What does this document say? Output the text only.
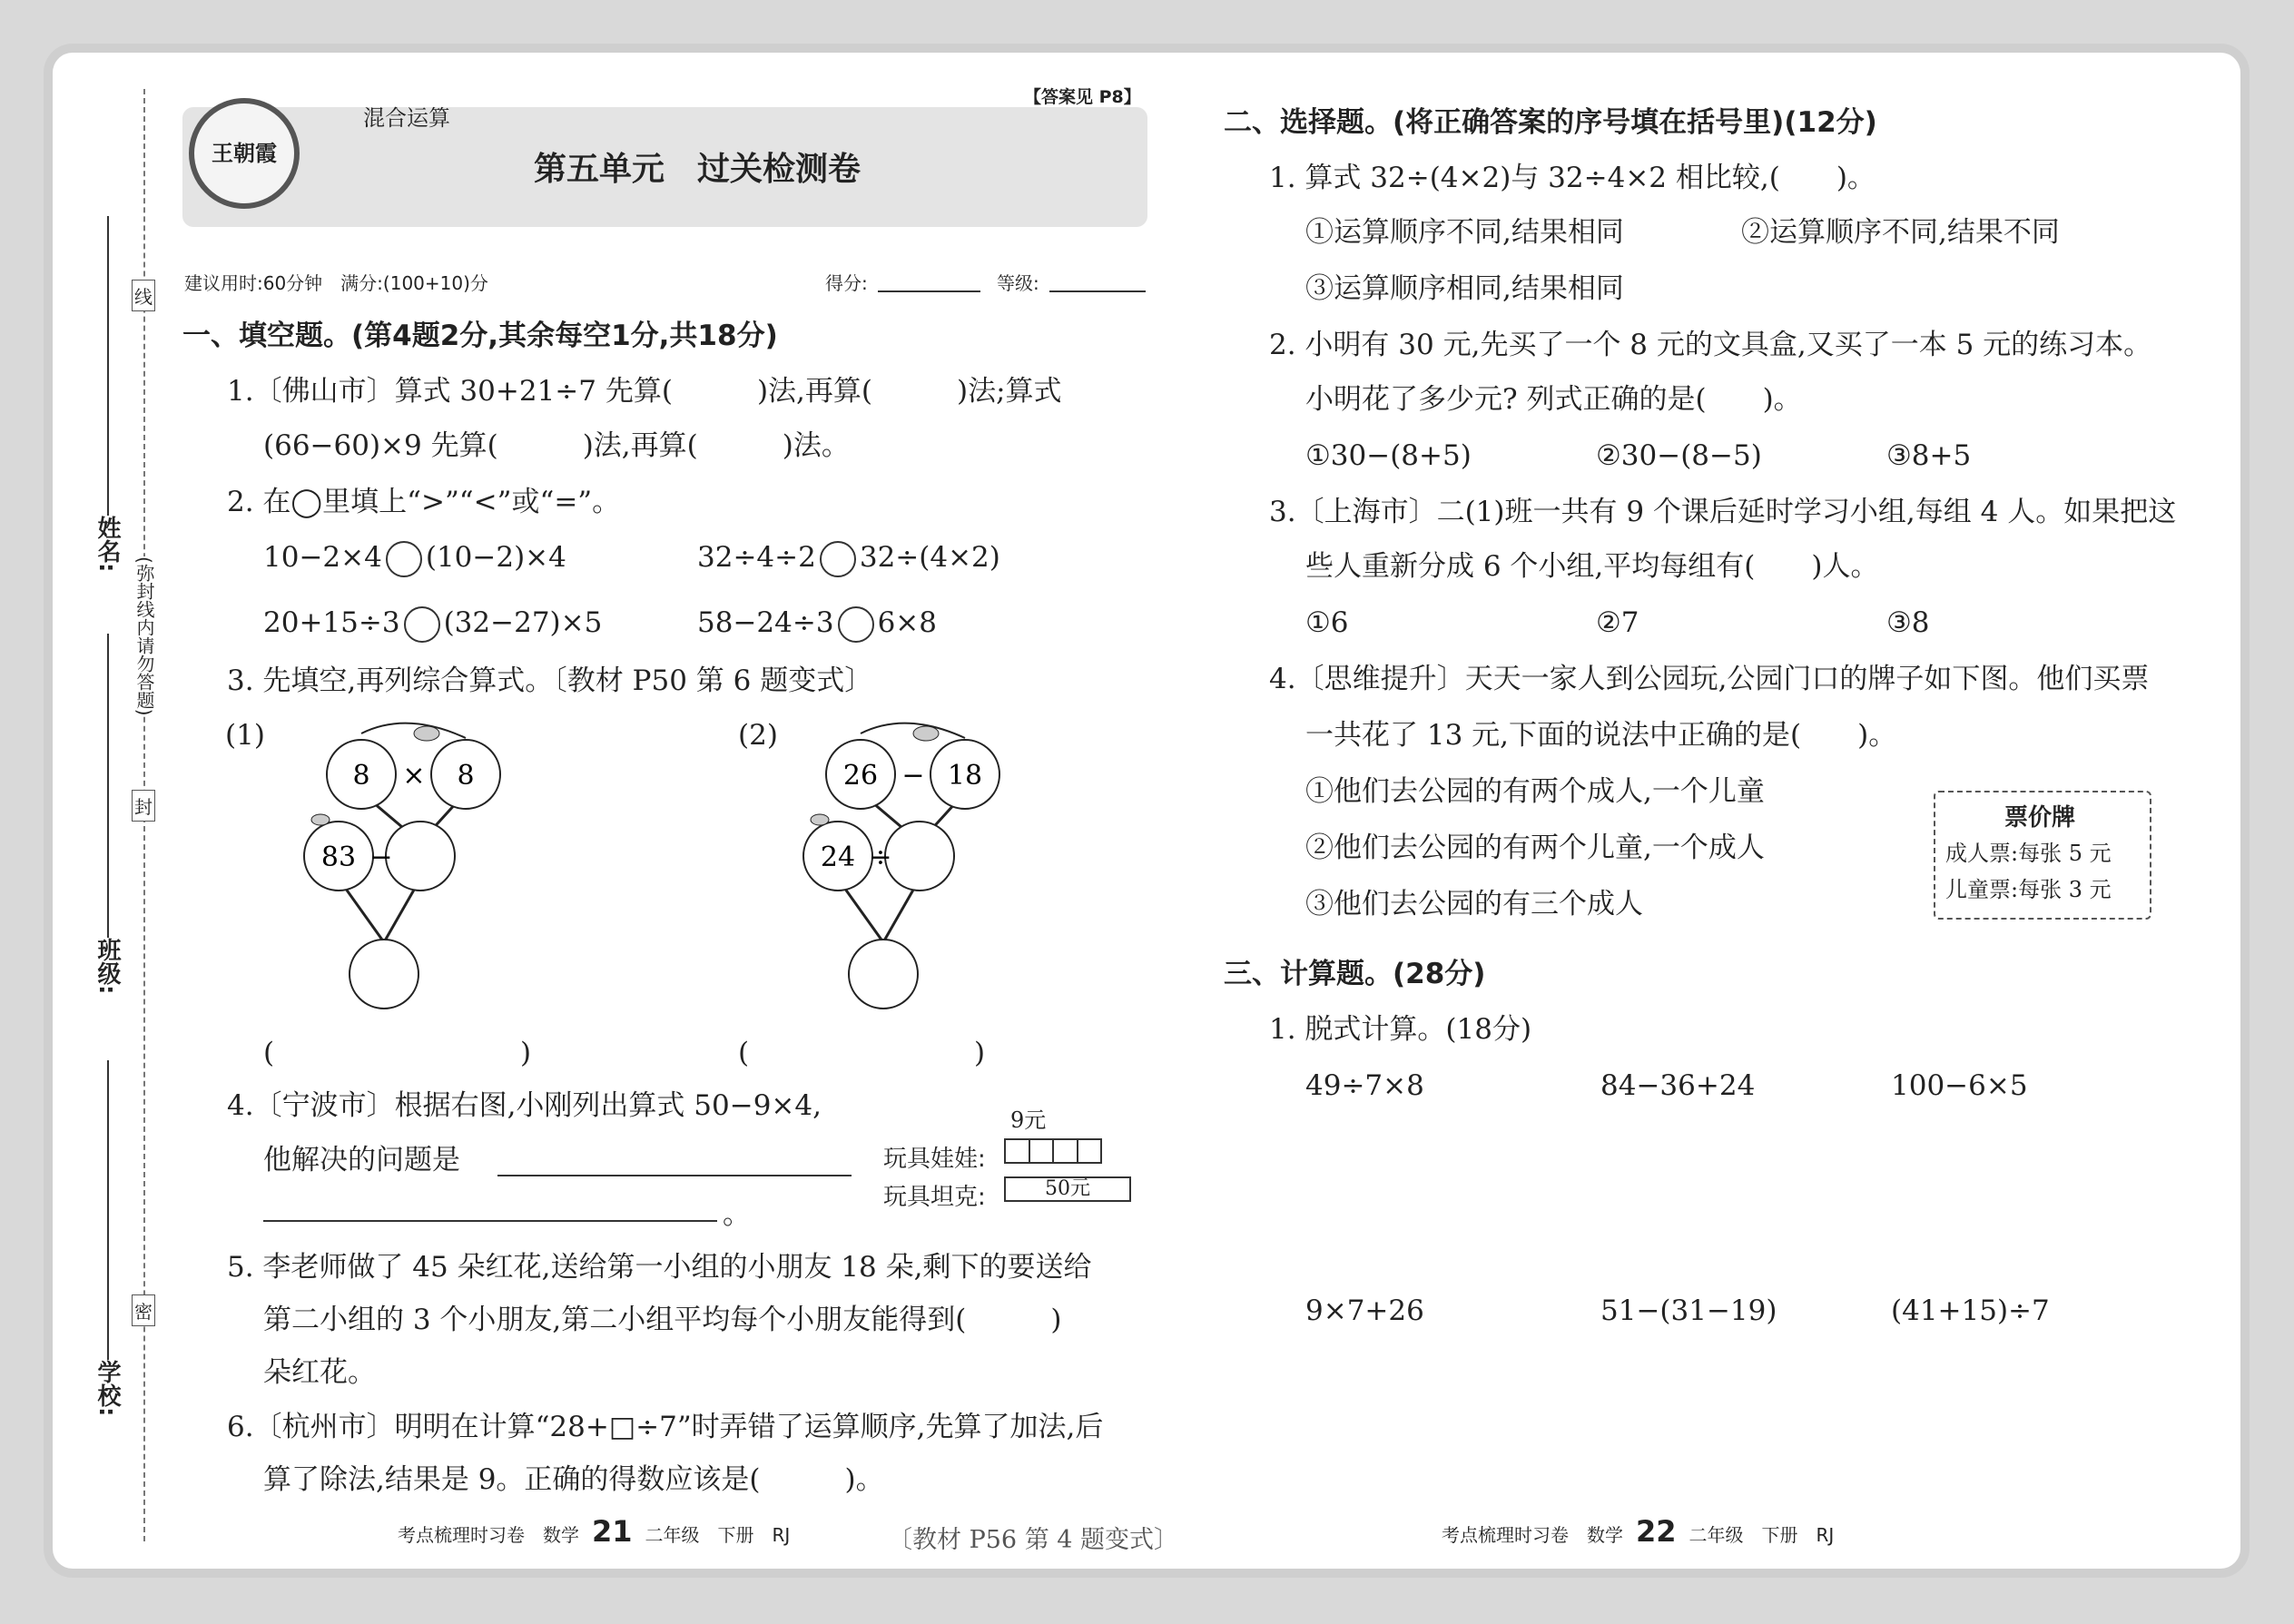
线
封
密
(弥封线内请勿答题)
姓名:
班级:
学校:
王朝霞
混合运算
【答案见 P8】
第五单元　过关检测卷
建议用时:60分钟　满分:(100+10)分	得分:	等级:
一、填空题。(第4题2分,其余每空1分,共18分)
1.〔佛山市〕算式 30+21÷7 先算(　　　)法,再算(　　　)法;算式
(66−60)×9 先算(　　　)法,再算(　　　)法。
2. 在◯里填上“>”“<”或“=”。
10−2×4 (10−2)×4	32÷4÷2 32÷(4×2)
20+15÷3 (32−27)×5	58−24÷3 6×8
3. 先填空,再列综合算式。〔教材 P50 第 6 题变式〕
(1)	(2)
8 × 8
83 −
26 − 18
24 ÷
(	)	(	)
4.〔宁波市〕根据右图,小刚列出算式 50−9×4,
他解决的问题是
。
9元
玩具娃娃:
玩具坦克:	50元
5. 李老师做了 45 朵红花,送给第一小组的小朋友 18 朵,剩下的要送给
第二小组的 3 个小朋友,第二小组平均每个小朋友能得到(　　　)
朵红花。
6.〔杭州市〕明明在计算“28+□÷7”时弄错了运算顺序,先算了加法,后
算了除法,结果是 9。正确的得数应该是(　　　)。
〔教材 P56 第 4 题变式〕
二、选择题。(将正确答案的序号填在括号里)(12分)
1. 算式 32÷(4×2)与 32÷4×2 相比较,(　　)。
①运算顺序不同,结果相同	②运算顺序不同,结果不同
③运算顺序相同,结果相同
2. 小明有 30 元,先买了一个 8 元的文具盒,又买了一本 5 元的练习本。
小明花了多少元? 列式正确的是(　　)。
①30−(8+5)	②30−(8−5)	③8+5
3.〔上海市〕二(1)班一共有 9 个课后延时学习小组,每组 4 人。如果把这
些人重新分成 6 个小组,平均每组有(　　)人。
①6	②7	③8
4.〔思维提升〕天天一家人到公园玩,公园门口的牌子如下图。他们买票
一共花了 13 元,下面的说法中正确的是(　　)。
①他们去公园的有两个成人,一个儿童
②他们去公园的有两个儿童,一个成人
③他们去公园的有三个成人
票价牌
成人票:每张 5 元
儿童票:每张 3 元
三、计算题。(28分)
1. 脱式计算。(18分)
49÷7×8	84−36+24	100−6×5
9×7+26	51−(31−19)	(41+15)÷7
考点梳理时习卷　数学 21 二年级　下册　RJ	考点梳理时习卷　数学 22 二年级　下册　RJ
